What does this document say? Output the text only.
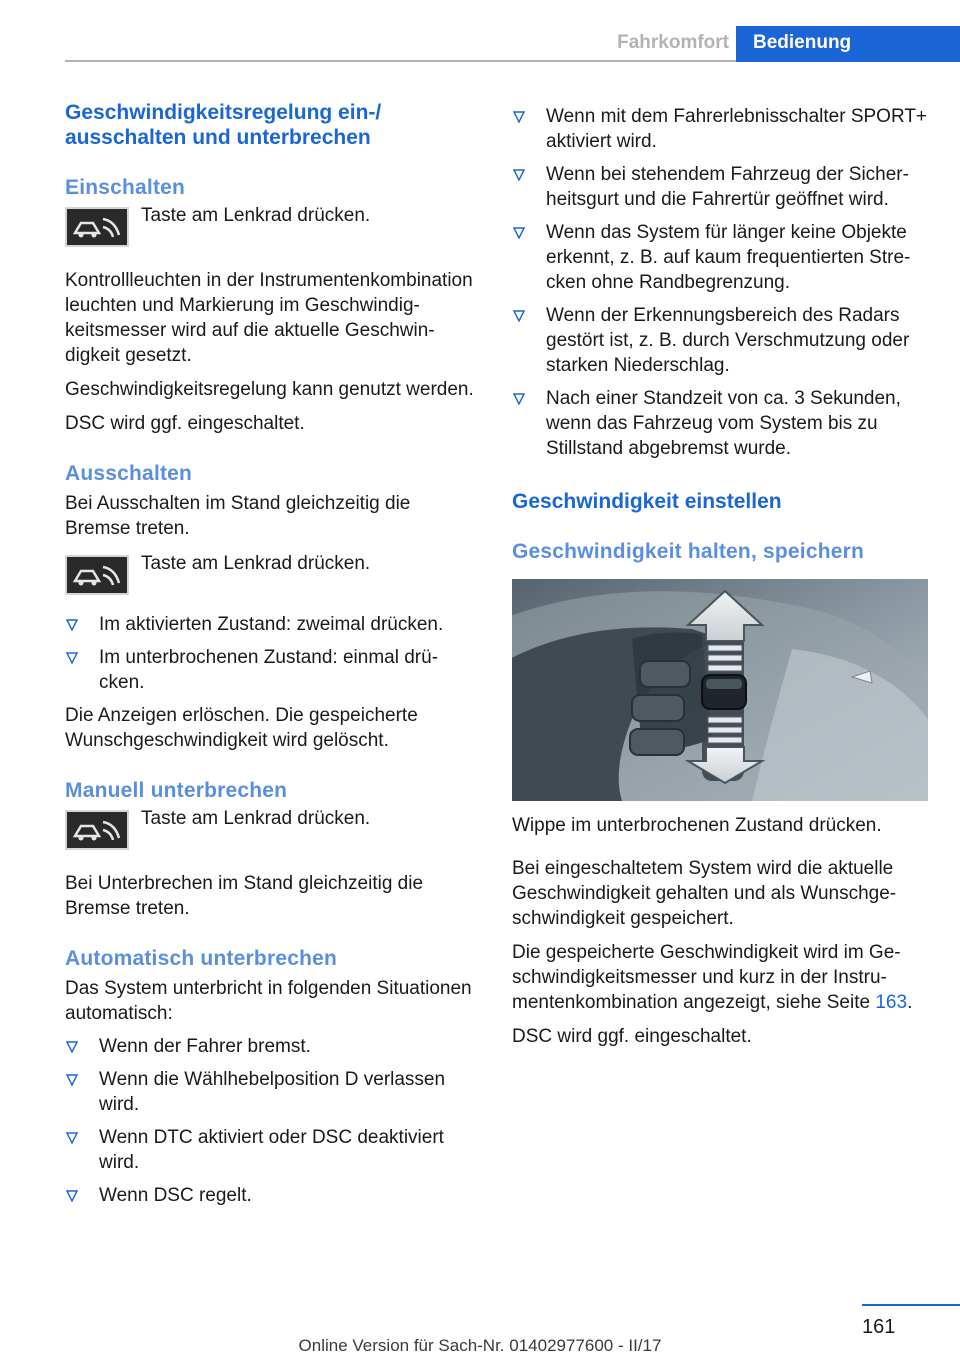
Fahrkomfort	Bedienung
Geschwindigkeitsregelung ein-/ ausschalten und unterbrechen
Einschalten
Taste am Lenkrad drücken.

Kontrollleuchten in der Instrumentenkombination leuchten und Markierung im Geschwindigkeitsmesser wird auf die aktuelle Geschwindigkeit gesetzt.

Geschwindigkeitsregelung kann genutzt werden.

DSC wird ggf. eingeschaltet.

Ausschalten

Bei Ausschalten im Stand gleichzeitig die Bremse treten.

Taste am Lenkrad drücken.
Im aktivierten Zustand: zweimal drücken.
Im unterbrochenen Zustand: einmal drücken.

Die Anzeigen erlöschen. Die gespeicherte Wunschgeschwindigkeit wird gelöscht.

Manuell unterbrechen
Taste am Lenkrad drücken.

Bei Unterbrechen im Stand gleichzeitig die Bremse treten.

Automatisch unterbrechen

Das System unterbricht in folgenden Situationen automatisch:

Wenn der Fahrer bremst.
Wenn die Wählhebelposition D verlassen wird.
Wenn DTC aktiviert oder DSC deaktiviert wird.
Wenn DSC regelt.
Wenn mit dem Fahrerlebnisschalter SPORT+ aktiviert wird.
Wenn bei stehendem Fahrzeug der Sicherheitsgurt und die Fahrertür geöffnet wird.
Wenn das System für länger keine Objekte erkennt, z. B. auf kaum frequentierten Strecken ohne Randbegrenzung.
Wenn der Erkennungsbereich des Radars gestört ist, z. B. durch Verschmutzung oder starken Niederschlag.
Nach einer Standzeit von ca. 3 Sekunden, wenn das Fahrzeug vom System bis zu Stillstand abgebremst wurde.
Geschwindigkeit einstellen
Geschwindigkeit halten, speichern

Wippe im unterbrochenen Zustand drücken.

Bei eingeschaltetem System wird die aktuelle Geschwindigkeit gehalten und als Wunschgeschwindigkeit gespeichert.

Die gespeicherte Geschwindigkeit wird im Geschwindigkeitsmesser und kurz in der Instrumentenkombination angezeigt, siehe Seite 163.

DSC wird ggf. eingeschaltet.

161
Online Version für Sach-Nr. 01402977600 - II/17
